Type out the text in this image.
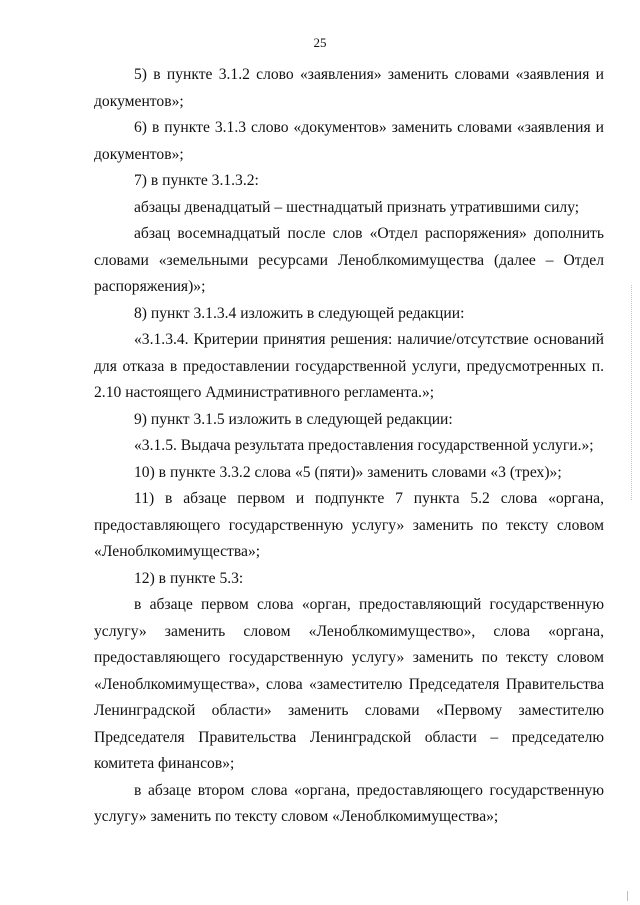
25

5) в пункте 3.1.2 слово «заявления» заменить словами «заявления и документов»;

6) в пункте 3.1.3 слово «документов» заменить словами «заявления и документов»;

7) в пункте 3.1.3.2:

абзацы двенадцатый – шестнадцатый признать утратившими силу;

абзац восемнадцатый после слов «Отдел распоряжения» дополнить словами «земельными ресурсами Леноблкомимущества (далее – Отдел распоряжения)»;

8) пункт 3.1.3.4 изложить в следующей редакции:

«3.1.3.4. Критерии принятия решения: наличие/отсутствие оснований для отказа в предоставлении государственной услуги, предусмотренных п. 2.10 настоящего Административного регламента.»;

9) пункт 3.1.5 изложить в следующей редакции:

«3.1.5. Выдача результата предоставления государственной услуги.»;

10) в пункте 3.3.2 слова «5 (пяти)» заменить словами «3 (трех)»;

11) в абзаце первом и подпункте 7 пункта 5.2 слова «органа, предоставляющего государственную услугу» заменить по тексту словом «Леноблкомимущества»;

12) в пункте 5.3:

в абзаце первом слова «орган, предоставляющий государственную услугу» заменить словом «Леноблкомимущество», слова «органа, предоставляющего государственную услугу» заменить по тексту словом «Леноблкомимущества», слова «заместителю Председателя Правительства Ленинградской области» заменить словами «Первому заместителю Председателя Правительства Ленинградской области – председателю комитета финансов»;

в абзаце втором слова «органа, предоставляющего государственную услугу» заменить по тексту словом «Леноблкомимущества»;
